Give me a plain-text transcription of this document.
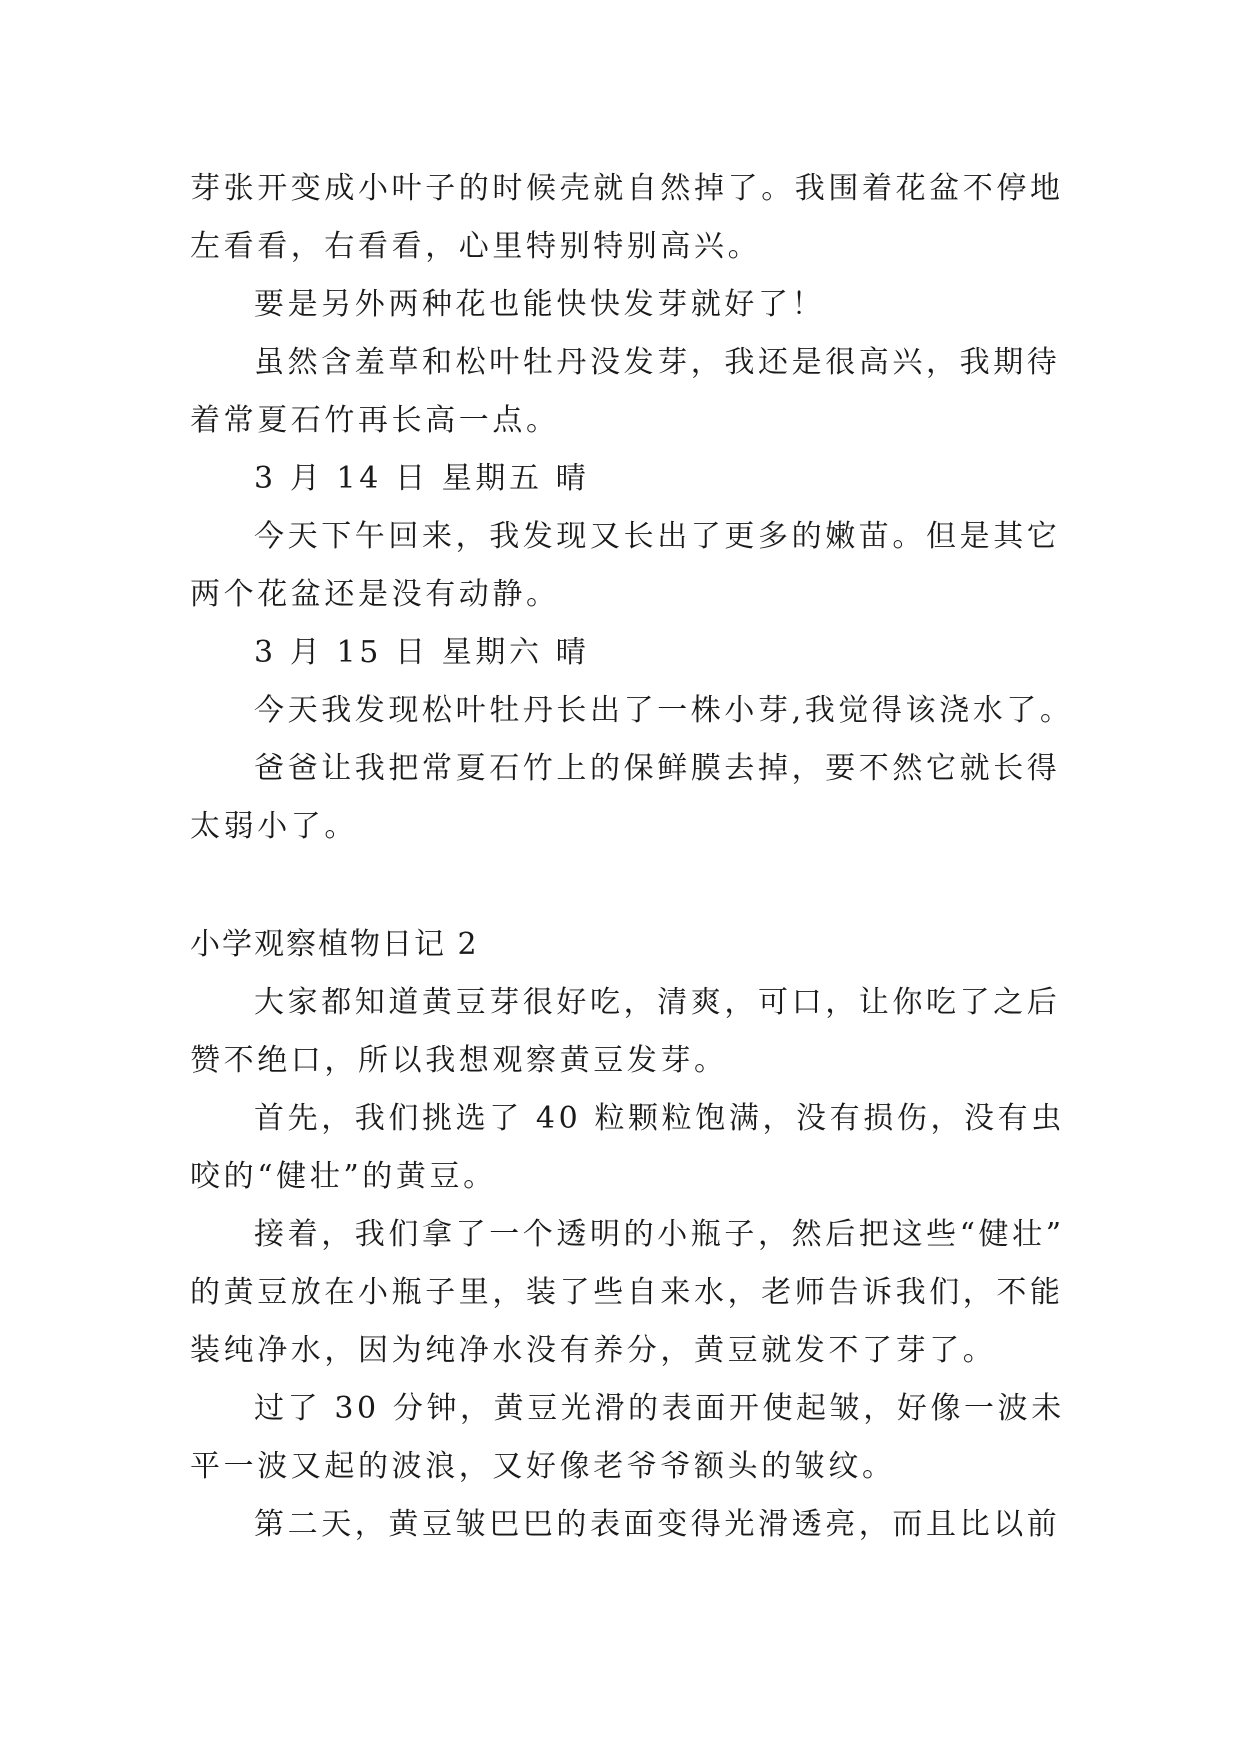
芽张开变成小叶子的时候壳就自然掉了。我围着花盆不停地
左看看，右看看，心里特别特别高兴。
要是另外两种花也能快快发芽就好了！
虽然含羞草和松叶牡丹没发芽，我还是很高兴，我期待
着常夏石竹再长高一点。
3 月 14 日 星期五 晴
今天下午回来，我发现又长出了更多的嫩苗。但是其它
两个花盆还是没有动静。
3 月 15 日 星期六 晴
今天我发现松叶牡丹长出了一株小芽,我觉得该浇水了。
爸爸让我把常夏石竹上的保鲜膜去掉，要不然它就长得
太弱小了。
小学观察植物日记 2
大家都知道黄豆芽很好吃，清爽，可口，让你吃了之后
赞不绝口，所以我想观察黄豆发芽。
首先，我们挑选了 40 粒颗粒饱满，没有损伤，没有虫
咬的“健壮”的黄豆。
接着，我们拿了一个透明的小瓶子，然后把这些“健壮”
的黄豆放在小瓶子里，装了些自来水，老师告诉我们，不能
装纯净水，因为纯净水没有养分，黄豆就发不了芽了。
过了 30 分钟，黄豆光滑的表面开使起皱，好像一波未
平一波又起的波浪，又好像老爷爷额头的皱纹。
第二天，黄豆皱巴巴的表面变得光滑透亮，而且比以前
